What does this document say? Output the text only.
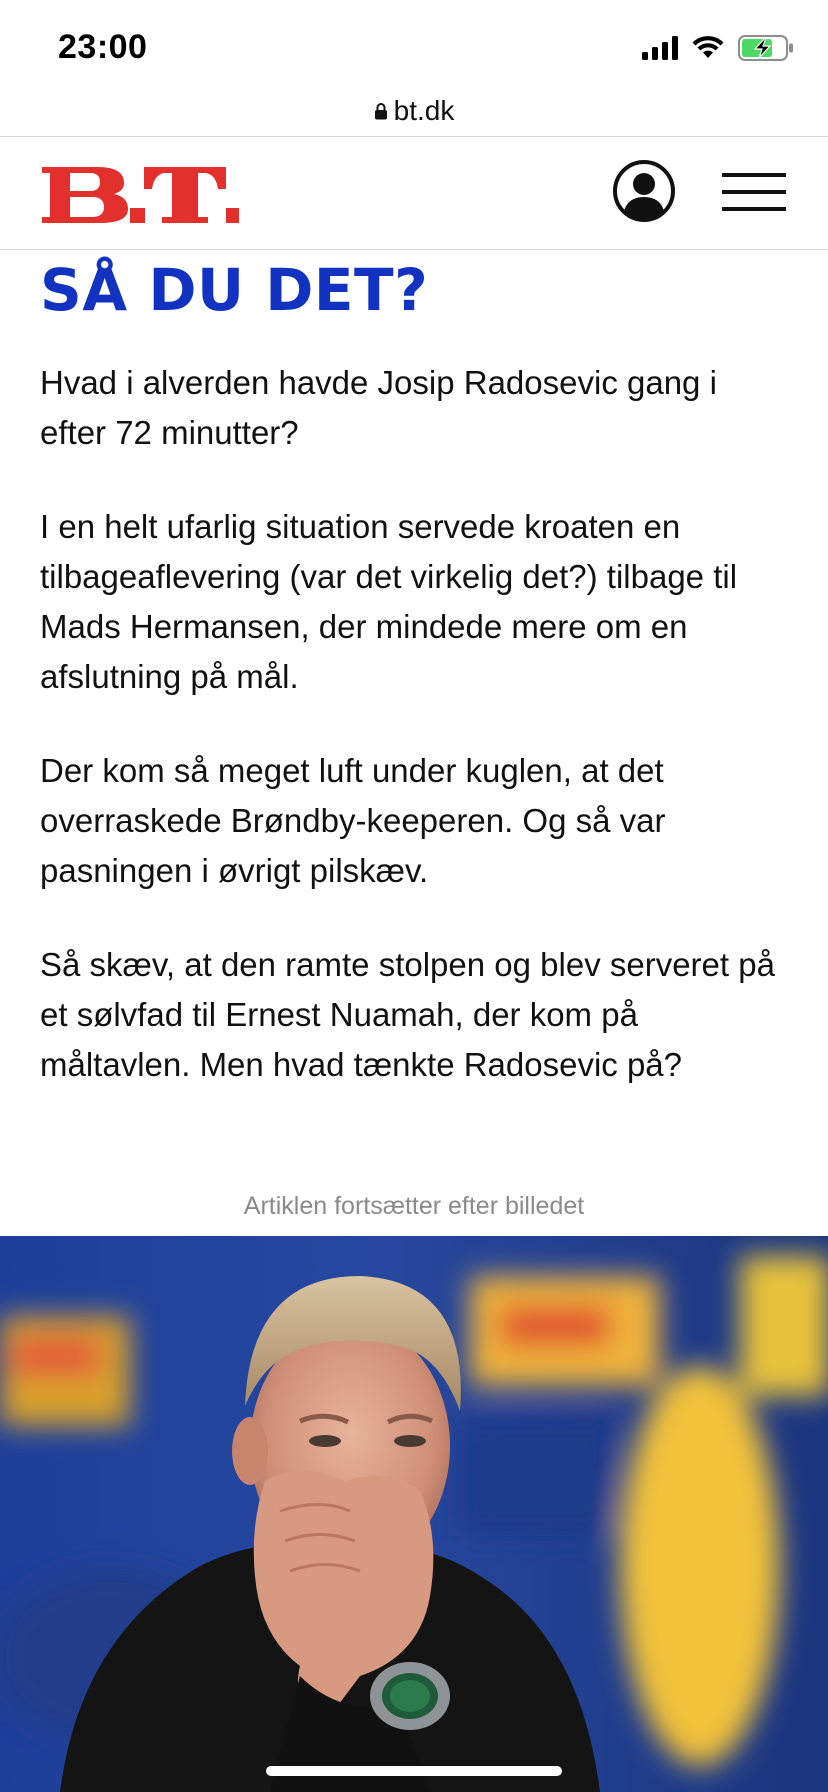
23:00
bt.dk
SÅ DU DET?

Hvad i alverden havde Josip Radosevic gang i efter 72 minutter?

I en helt ufarlig situation servede kroaten en tilbageaflevering (var det virkelig det?) tilbage til Mads Hermansen, der mindede mere om en afslutning på mål.

Der kom så meget luft under kuglen, at det overraskede Brøndby-keeperen. Og så var pasningen i øvrigt pilskæv.

Så skæv, at den ramte stolpen og blev serveret på et sølvfad til Ernest Nuamah, der kom på måltavlen. Men hvad tænkte Radosevic på?

Artiklen fortsætter efter billedet
